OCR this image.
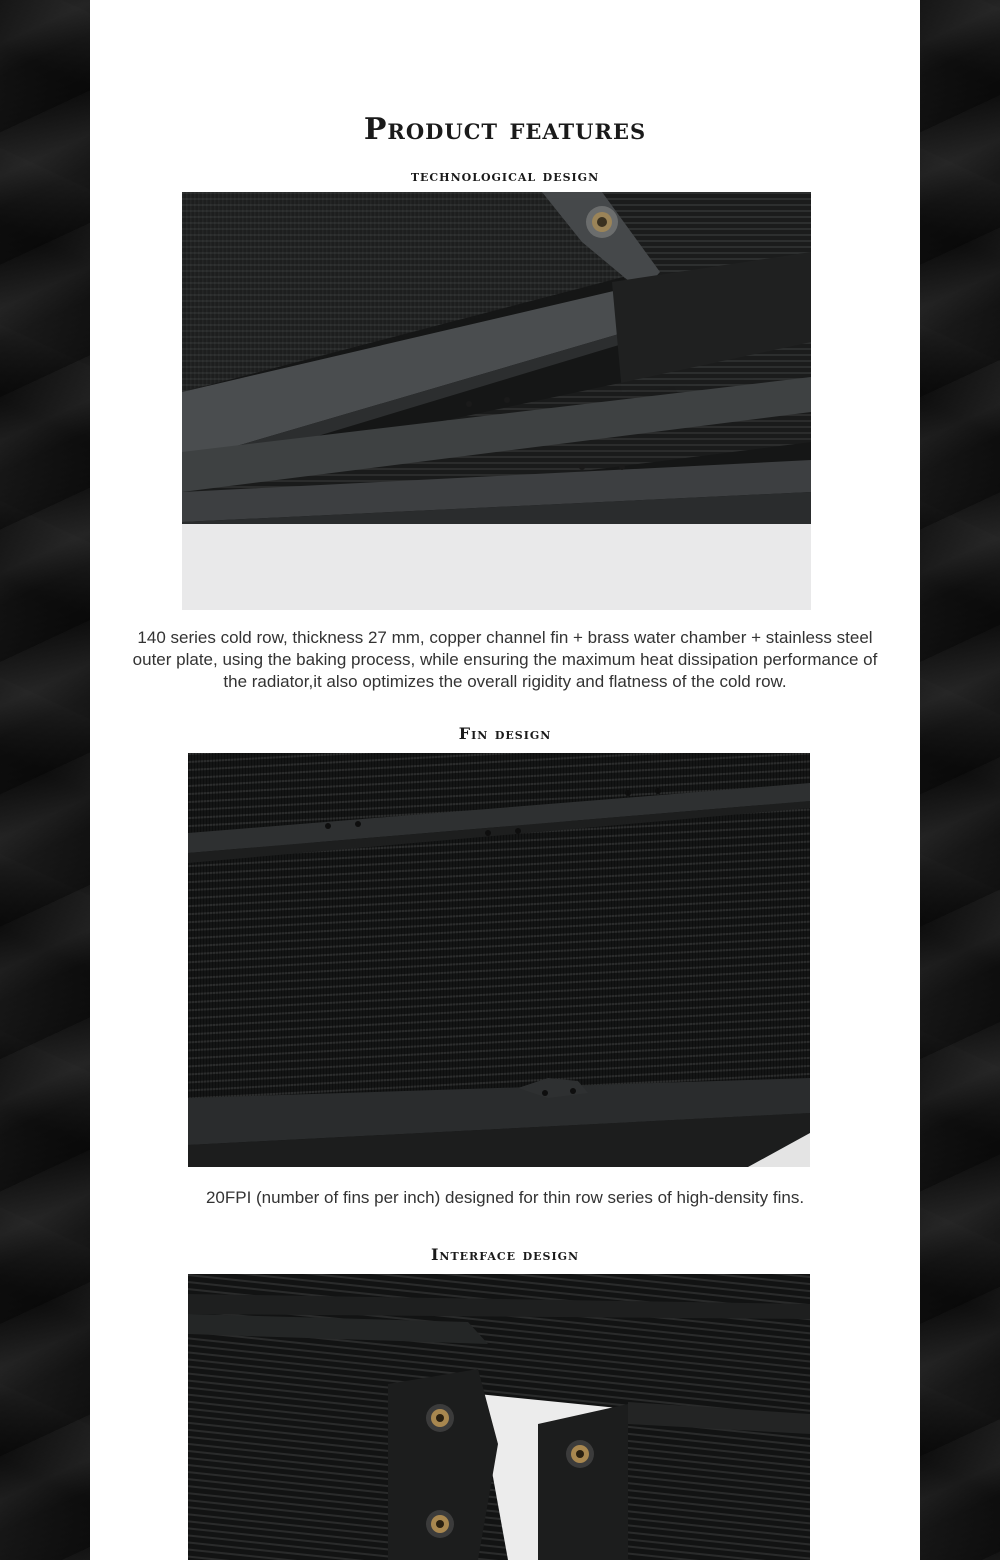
Product features
technological design

140 series cold row, thickness 27 mm, copper channel fin + brass water chamber + stainless steel outer plate, using the baking process, while ensuring the maximum heat dissipation performance of the radiator,it also optimizes the overall rigidity and flatness of the cold row.

Fin design

20FPI (number of fins per inch) designed for thin row series of high-density fins.

Interface design
